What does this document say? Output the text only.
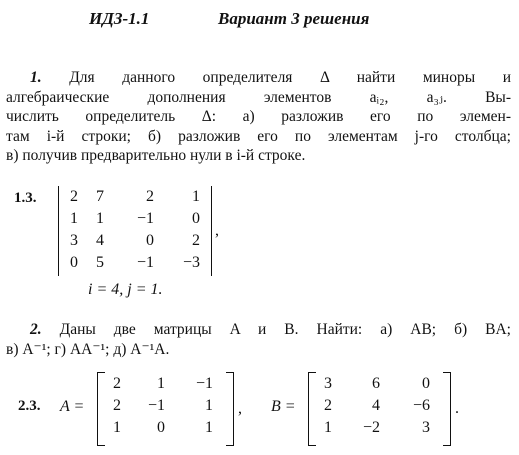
ИДЗ-1.1	Вариант 3 решения
1. Для данного определителя Δ найти миноры и
алгебраические дополнения элементов aᵢ₂, a₃ⱼ. Вы-
числить определитель Δ: а) разложив его по элемен-
там i-й строки; б) разложив его по элементам j-го столбца;
в) получив предварительно нули в i-й строке.
1.3. 2	7	2	1
1	1	−1	0
3	4	0	2
0	5	−1	−3
,
i = 4, j = 1.
2. Даны две матрицы A и B. Найти: а) AB; б) BA;
в) A⁻¹; г) AA⁻¹; д) A⁻¹A.
2.3. A =
2	1	−1
2	−1	1
1	0	1
, B =
3	6	0
2	4	−6
1	−2	3
.
